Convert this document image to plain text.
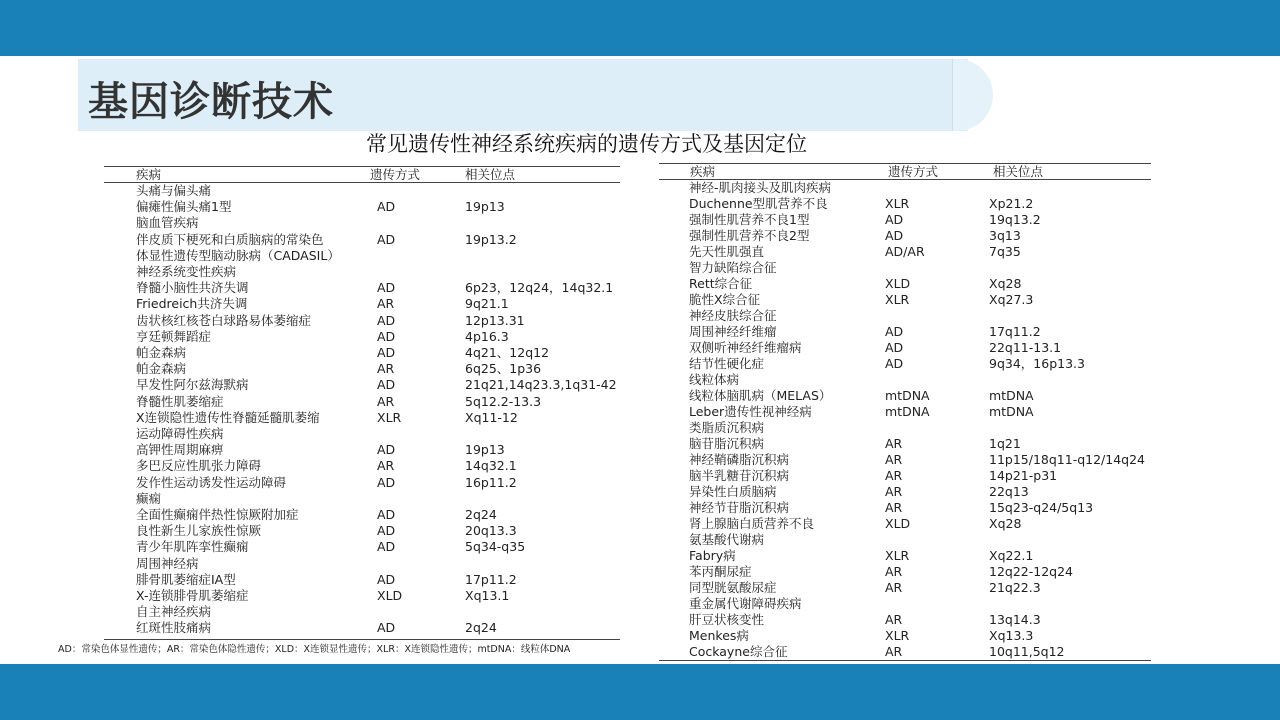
基因诊断技术
常见遗传性神经系统疾病的遗传方式及基因定位
疾病	遗传方式	相关位点
头痛与偏头痛
偏瘫性偏头痛1型	AD	19p13
脑血管疾病
伴皮质下梗死和白质脑病的常染色	AD	19p13.2
体显性遗传型脑动脉病（CADASIL）
神经系统变性疾病
脊髓小脑性共济失调	AD	6p23，12q24，14q32.1
Friedreich共济失调	AR	9q21.1
齿状核红核苍白球路易体萎缩症	AD	12p13.31
亨廷顿舞蹈症	AD	4p16.3
帕金森病	AD	4q21、12q12
帕金森病	AR	6q25、1p36
早发性阿尔兹海默病	AD	21q21,14q23.3,1q31-42
脊髓性肌萎缩症	AR	5q12.2-13.3
X连锁隐性遗传性脊髓延髓肌萎缩	XLR	Xq11-12
运动障碍性疾病
高钾性周期麻痹	AD	19p13
多巴反应性肌张力障碍	AR	14q32.1
发作性运动诱发性运动障碍	AD	16p11.2
癫痫
全面性癫痫伴热性惊厥附加症	AD	2q24
良性新生儿家族性惊厥	AD	20q13.3
青少年肌阵挛性癫痫	AD	5q34-q35
周围神经病
腓骨肌萎缩症IA型	AD	17p11.2
X-连锁腓骨肌萎缩症	XLD	Xq13.1
自主神经疾病
红斑性肢痛病	AD	2q24
疾病	遗传方式	相关位点
神经-肌肉接头及肌肉疾病
Duchenne型肌营养不良	XLR	Xp21.2
强制性肌营养不良1型	AD	19q13.2
强制性肌营养不良2型	AD	3q13
先天性肌强直	AD/AR	7q35
智力缺陷综合征
Rett综合征	XLD	Xq28
脆性X综合征	XLR	Xq27.3
神经皮肤综合征
周围神经纤维瘤	AD	17q11.2
双侧听神经纤维瘤病	AD	22q11-13.1
结节性硬化症	AD	9q34，16p13.3
线粒体病
线粒体脑肌病（MELAS）	mtDNA	mtDNA
Leber遗传性视神经病	mtDNA	mtDNA
类脂质沉积病
脑苷脂沉积病	AR	1q21
神经鞘磷脂沉积病	AR	11p15/18q11-q12/14q24
脑半乳糖苷沉积病	AR	14p21-p31
异染性白质脑病	AR	22q13
神经节苷脂沉积病	AR	15q23-q24/5q13
肾上腺脑白质营养不良	XLD	Xq28
氨基酸代谢病
Fabry病	XLR	Xq22.1
苯丙酮尿症	AR	12q22-12q24
同型胱氨酸尿症	AR	21q22.3
重金属代谢障碍疾病
肝豆状核变性	AR	13q14.3
Menkes病	XLR	Xq13.3
Cockayne综合征	AR	10q11,5q12
AD：常染色体显性遗传；AR：常染色体隐性遗传；XLD：X连锁显性遗传；XLR：X连锁隐性遗传；mtDNA：线粒体DNA
